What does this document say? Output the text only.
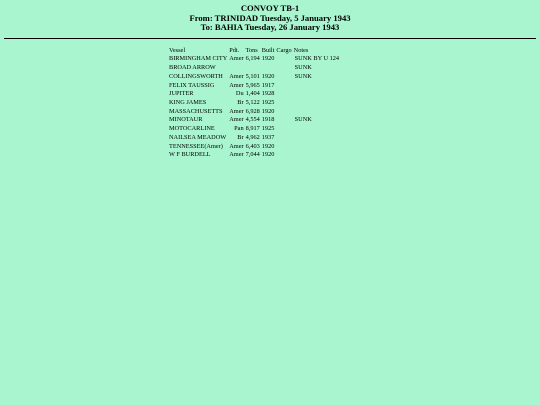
CONVOY TB-1
From: TRINIDAD Tuesday, 5 January 1943
To: BAHIA Tuesday, 26 January 1943
Vessel	Pdt.	Tons	Built	Cargo	Notes
BIRMINGHAM CITY	Amer	6,194	1920		SUNK BY U 124
BROAD ARROW					SUNK
COLLINGSWORTH	Amer	5,101	1920		SUNK
FELIX TAUSSIG	Amer	5,965	1917		
JUPITER	Du	1,404	1928		
KING JAMES	Br	5,122	1925		
MASSACHUSETTS	Amer	6,928	1920		
MINOTAUR	Amer	4,554	1918		SUNK
MOTOCARLINE	Pan	8,917	1925		
NAILSEA MEADOW	Br	4,962	1937		
TENNESSEE(Amer)	Amer	6,403	1920		
W F BURDELL	Amer	7,044	1920		
